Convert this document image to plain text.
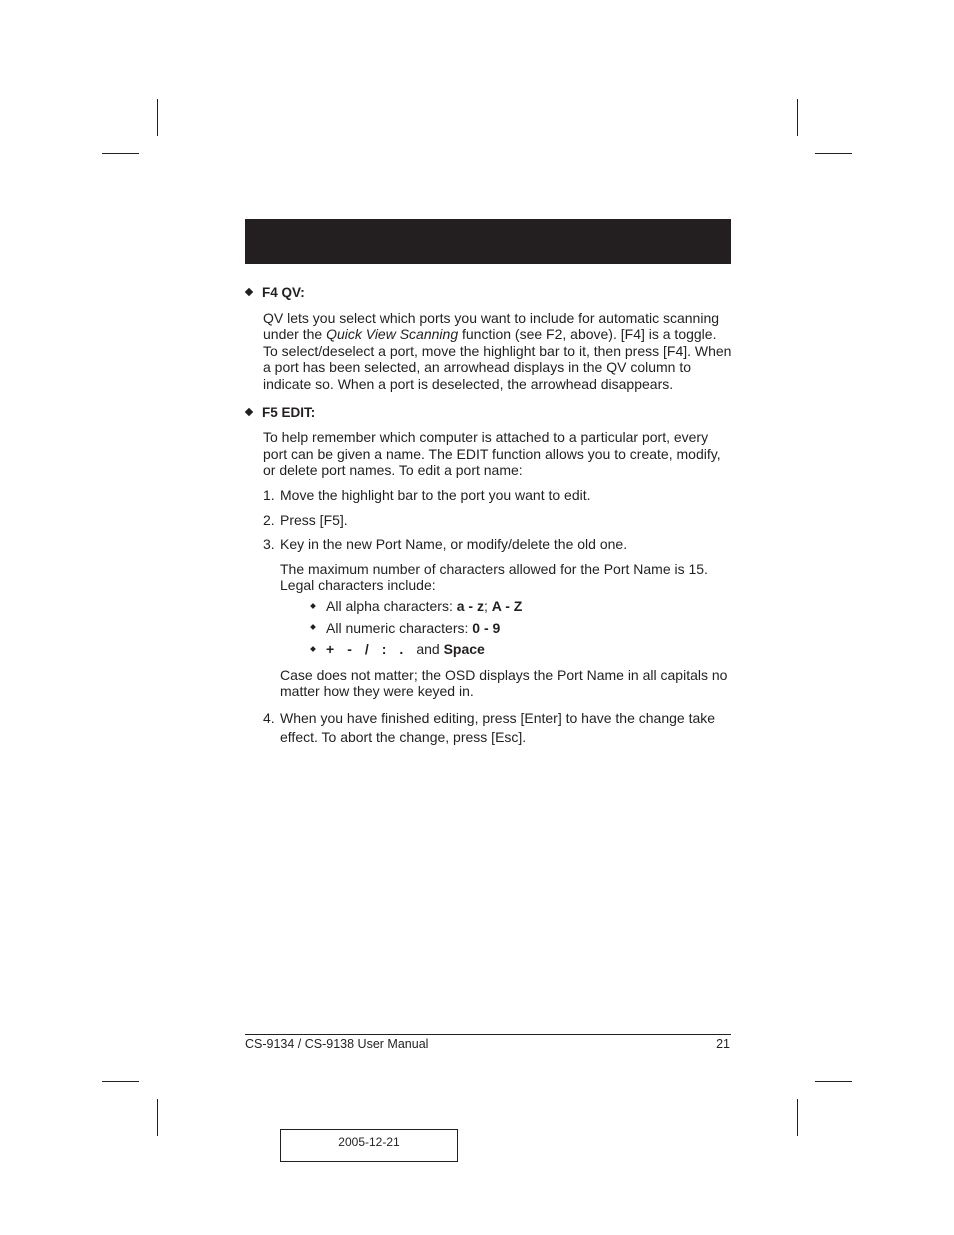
F4 QV:
QV lets you select which ports you want to include for automatic scanning under the Quick View Scanning function (see F2, above). [F4] is a toggle. To select/deselect a port, move the highlight bar to it, then press [F4]. When a port has been selected, an arrowhead displays in the QV column to indicate so. When a port is deselected, the arrowhead disappears.
F5 EDIT:
To help remember which computer is attached to a particular port, every port can be given a name. The EDIT function allows you to create, modify, or delete port names. To edit a port name:
1. Move the highlight bar to the port you want to edit.
2. Press [F5].
3. Key in the new Port Name, or modify/delete the old one.
The maximum number of characters allowed for the Port Name is 15. Legal characters include:
All alpha characters:
a - z ;
A - Z
All numeric characters:
0 - 9
+ - / : . and
Space
Case does not matter; the OSD displays the Port Name in all capitals no matter how they were keyed in.
4. When you have finished editing, press [Enter] to have the change take effect. To abort the change, press [Esc].
CS-9134 / CS-9138 User Manual	21
2005-12-21
